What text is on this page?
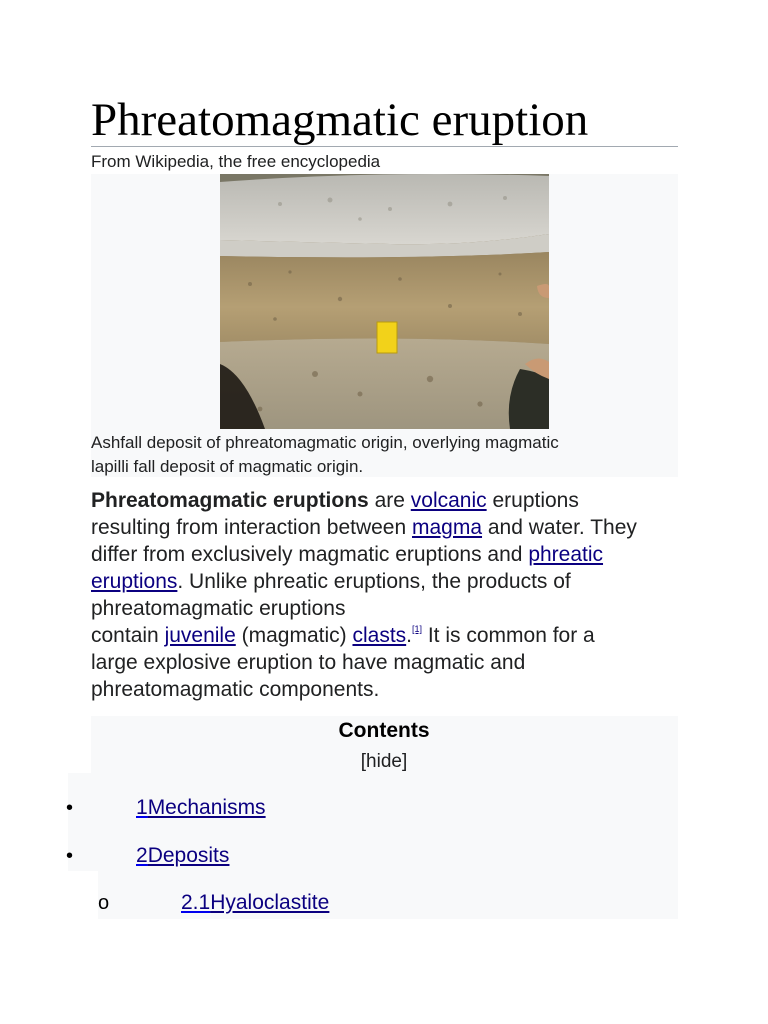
Phreatomagmatic eruption
From Wikipedia, the free encyclopedia
Ashfall deposit of phreatomagmatic origin, overlying magmatic
lapilli fall deposit of magmatic origin.

Phreatomagmatic eruptions are volcanic eruptions
resulting from interaction between magma and water. They
differ from exclusively magmatic eruptions and phreatic
eruptions. Unlike phreatic eruptions, the products of
phreatomagmatic eruptions
contain juvenile (magmatic) clasts.[1] It is common for a
large explosive eruption to have magmatic and
phreatomagmatic components.

Contents
[hide]
•	1Mechanisms
•	2Deposits
o	2.1Hyaloclastite
